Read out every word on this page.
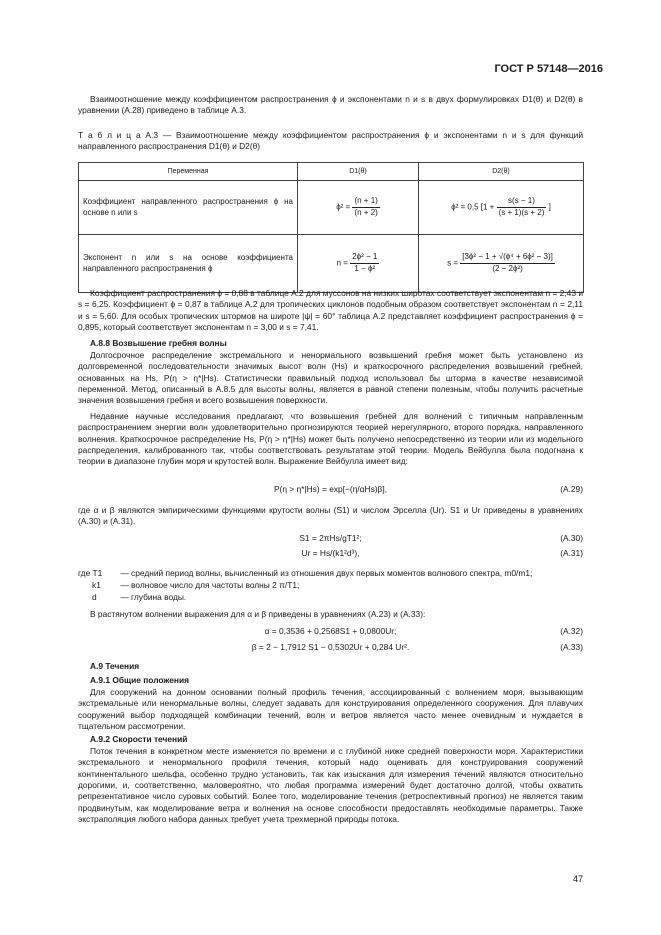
ГОСТ Р 57148—2016
Взаимоотношение между коэффициентом распространения ϕ и экспонентами n и s в двух формулировках D1(θ) и D2(θ) в уравнении (А.28) приведено в таблице А.3.
Т а б л и ц а А.3 — Взаимоотношение между коэффициентом распространения ϕ и экспонентами n и s для функций направленного распространения D1(θ) и D2(θ)
Переменная	D1(θ)	D2(θ)
Коэффициент направленного распространения ϕ на основе n или s	$\phi^2 = \frac{(n + 1)}{(n + 2)}$	ϕ² = 0,5 [$1 + \frac{s(s - 1)}{(s + 1)(s + 2)}$ ]
Экспонент n или s на основе коэффициента направленного распространения ϕ	$n = \frac{\text{2ϕ² − 1}}{\text{1 − ϕ²}}$	$s = \frac{\text{[3ϕ² − 1 + √(ϕ⁴ + 6ϕ² − 3)]}}{\text{(2 − 2ϕ²)}}$
Коэффициент распространения ϕ = 0,88 в таблице А.2 для муссонов на низких широтах соответствует экспонентам n = 2,43 и s = 6,25. Коэффициент ϕ = 0,87 в таблице А.2 для тропических циклонов подобным образом соответствует экспонентам n = 2,11 и s = 5,60. Для особых тропических штормов на широте |ψ| = 60° таблица А.2 представляет коэффициент распространения ϕ = 0,895, который соответствует экспонентам n = 3,00 и s = 7,41.
А.8.8 Возвышение гребня волны
Долгосрочное распределение экстремального и ненормального возвышений гребня может быть установлено из долговременной последовательности значимых высот волн (Hs) и краткосрочного распределения возвышений гребней, основанных на Hs, P(η > η*|Hs). Статистически правильный подход использовал бы шторма в качестве независимой переменной. Метод, описанный в А.8.5 для высоты волны, является в равной степени полезным, чтобы получить расчетные значения возвышения гребня и всего возвышения поверхности.
Недавние научные исследования предлагают, что возвышения гребней для волнений с типичным направленным распространением энергии волн удовлетворительно прогнозируются теорией нерегулярного, второго порядка, направленного волнения. Краткосрочное распределение Hs, P(η > η*|Hs) может быть получено непосредственно из теории или из модельного распределения, калиброванного так, чтобы соответствовать результатам этой теории. Модель Вейбулла была подогнана к теории в диапазоне глубин моря и крутостей волн. Выражение Вейбулла имеет вид:
P(η > η*|Hs) = exp[−(η/αHs)β],	(А.29)
где α и β являются эмпирическими функциями крутости волны (S1) и числом Эрселла (Ur). S1 и Ur приведены в уравнениях (А.30) и (А.31).
S1 = 2πHs/gT1²;	(А.30)
Ur = Hs/(k1²d³),	(А.31)
где T1 — средний период волны, вычисленный из отношения двух первых моментов волнового спектра, m0/m1;
k1 — волновое число для частоты волны 2 π/T1;
d	— глубина воды.
В растянутом волнении выражения для α и β приведены в уравнениях (А.23) и (А.33):
α = 0,3536 + 0,2568S1 + 0,0800Ur;	(А.32)
β = 2 − 1,7912 S1 − 0,5302Ur + 0,284 Ur².	(А.33)
А.9 Течения
А.9.1 Общие положения
Для сооружений на донном основании полный профиль течения, ассоциированный с волнением моря, вызывающим экстремальные или ненормальные волны, следует задавать для конструирования определенного сооружения. Для плавучих сооружений выбор подходящей комбинации течений, волн и ветров является часто менее очевидным и нуждается в тщательном рассмотрении.
А.9.2 Скорости течений
Поток течения в конкретном месте изменяется по времени и с глубиной ниже средней поверхности моря. Характеристики экстремального и ненормального профиля течения, который надо оценивать для конструирования сооружений континентального шельфа, особенно трудно установить, так как изыскания для измерения течений являются относительно дорогими, и, соответственно, маловероятно, что любая программа измерений будет достаточно долгой, чтобы охватить репрезентативное число суровых событий. Более того, моделирование течения (ретроспективный прогноз) не является таким продвинутым, как моделирование ветра и волнения на основе способности предоставлять необходимые параметры. Также экстраполяция любого набора данных требует учета трехмерной природы потока.
47
